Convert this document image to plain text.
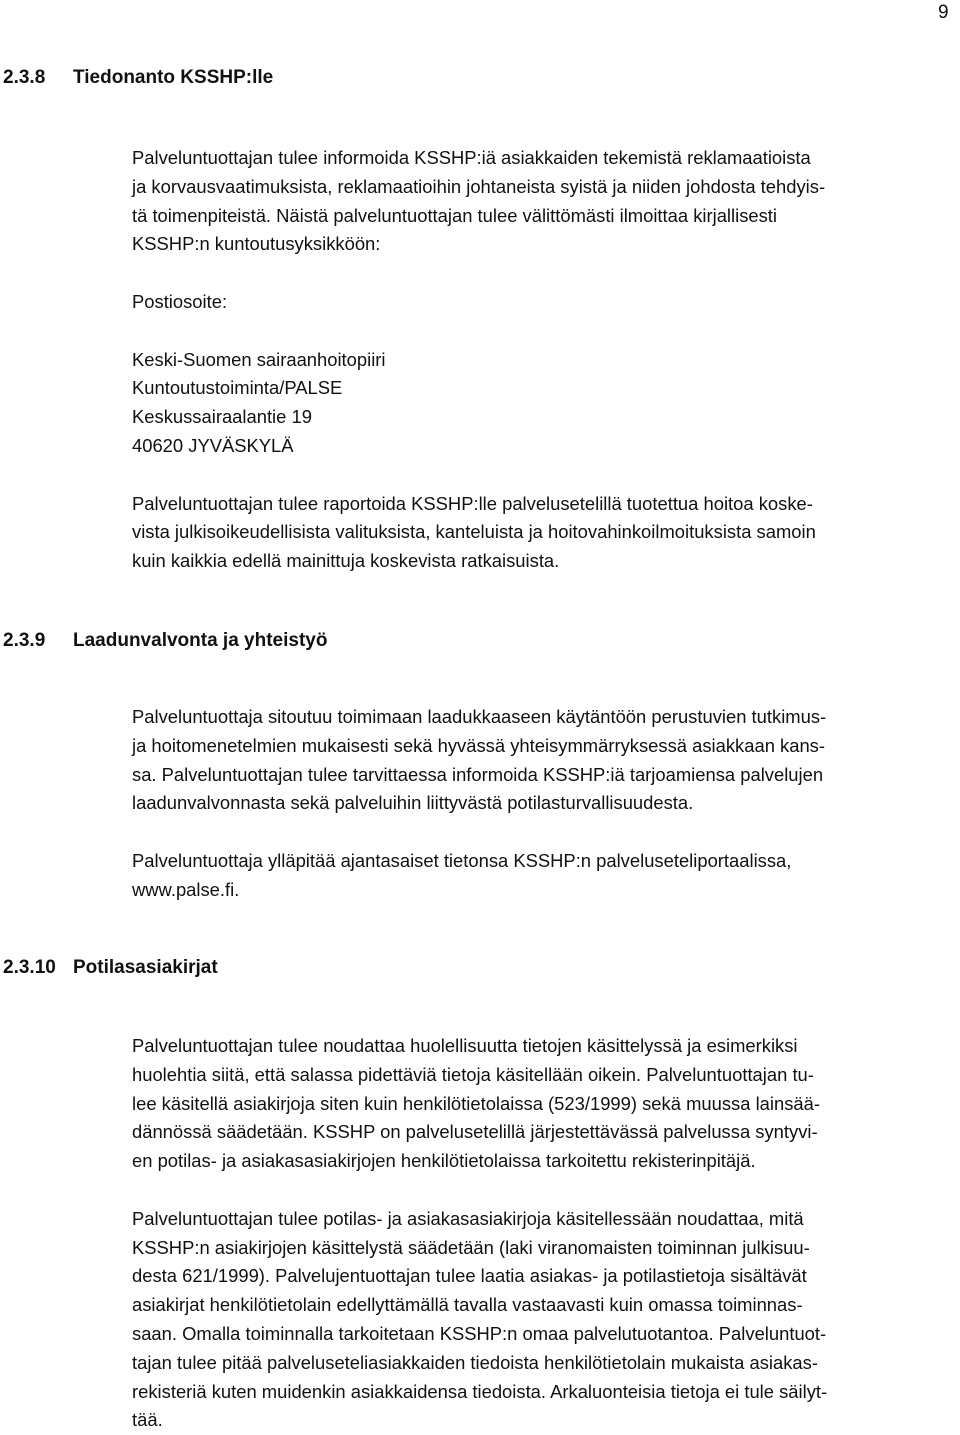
9
2.3.8 Tiedonanto KSSHP:lle
Palveluntuottajan tulee informoida KSSHP:iä asiakkaiden tekemistä reklamaatioista
ja korvausvaatimuksista, reklamaatioihin johtaneista syistä ja niiden johdosta tehdyis-
tä toimenpiteistä. Näistä palveluntuottajan tulee välittömästi ilmoittaa kirjallisesti
KSSHP:n kuntoutusyksikköön:
Postiosoite:
Keski-Suomen sairaanhoitopiiri
Kuntoutustoiminta/PALSE
Keskussairaalantie 19
40620 JYVÄSKYLÄ
Palveluntuottajan tulee raportoida KSSHP:lle palvelusetelillä tuotettua hoitoa koske-
vista julkisoikeudellisista valituksista, kanteluista ja hoitovahinkoilmoituksista samoin
kuin kaikkia edellä mainittuja koskevista ratkaisuista.
2.3.9 Laadunvalvonta ja yhteistyö
Palveluntuottaja sitoutuu toimimaan laadukkaaseen käytäntöön perustuvien tutkimus-
ja hoitomenetelmien mukaisesti sekä hyvässä yhteisymmärryksessä asiakkaan kans-
sa. Palveluntuottajan tulee tarvittaessa informoida KSSHP:iä tarjoamiensa palvelujen
laadunvalvonnasta sekä palveluihin liittyvästä potilasturvallisuudesta.
Palveluntuottaja ylläpitää ajantasaiset tietonsa KSSHP:n palveluseteliportaalissa,
www.palse.fi.
2.3.10 Potilasasiakirjat
Palveluntuottajan tulee noudattaa huolellisuutta tietojen käsittelyssä ja esimerkiksi
huolehtia siitä, että salassa pidettäviä tietoja käsitellään oikein. Palveluntuottajan tu-
lee käsitellä asiakirjoja siten kuin henkilötietolaissa (523/1999) sekä muussa lainsää-
dännössä säädetään. KSSHP on palvelusetelillä järjestettävässä palvelussa syntyvi-
en potilas- ja asiakasasiakirjojen henkilötietolaissa tarkoitettu rekisterinpitäjä.
Palveluntuottajan tulee potilas- ja asiakasasiakirjoja käsitellessään noudattaa, mitä
KSSHP:n asiakirjojen käsittelystä säädetään (laki viranomaisten toiminnan julkisuu-
desta 621/1999). Palvelujentuottajan tulee laatia asiakas- ja potilastietoja sisältävät
asiakirjat henkilötietolain edellyttämällä tavalla vastaavasti kuin omassa toiminnas-
saan. Omalla toiminnalla tarkoitetaan KSSHP:n omaa palvelutuotantoa. Palveluntuot-
tajan tulee pitää palveluseteliasiakkaiden tiedoista henkilötietolain mukaista asiakas-
rekisteriä kuten muidenkin asiakkaidensa tiedoista. Arkaluonteisia tietoja ei tule säilyt-
tää.
